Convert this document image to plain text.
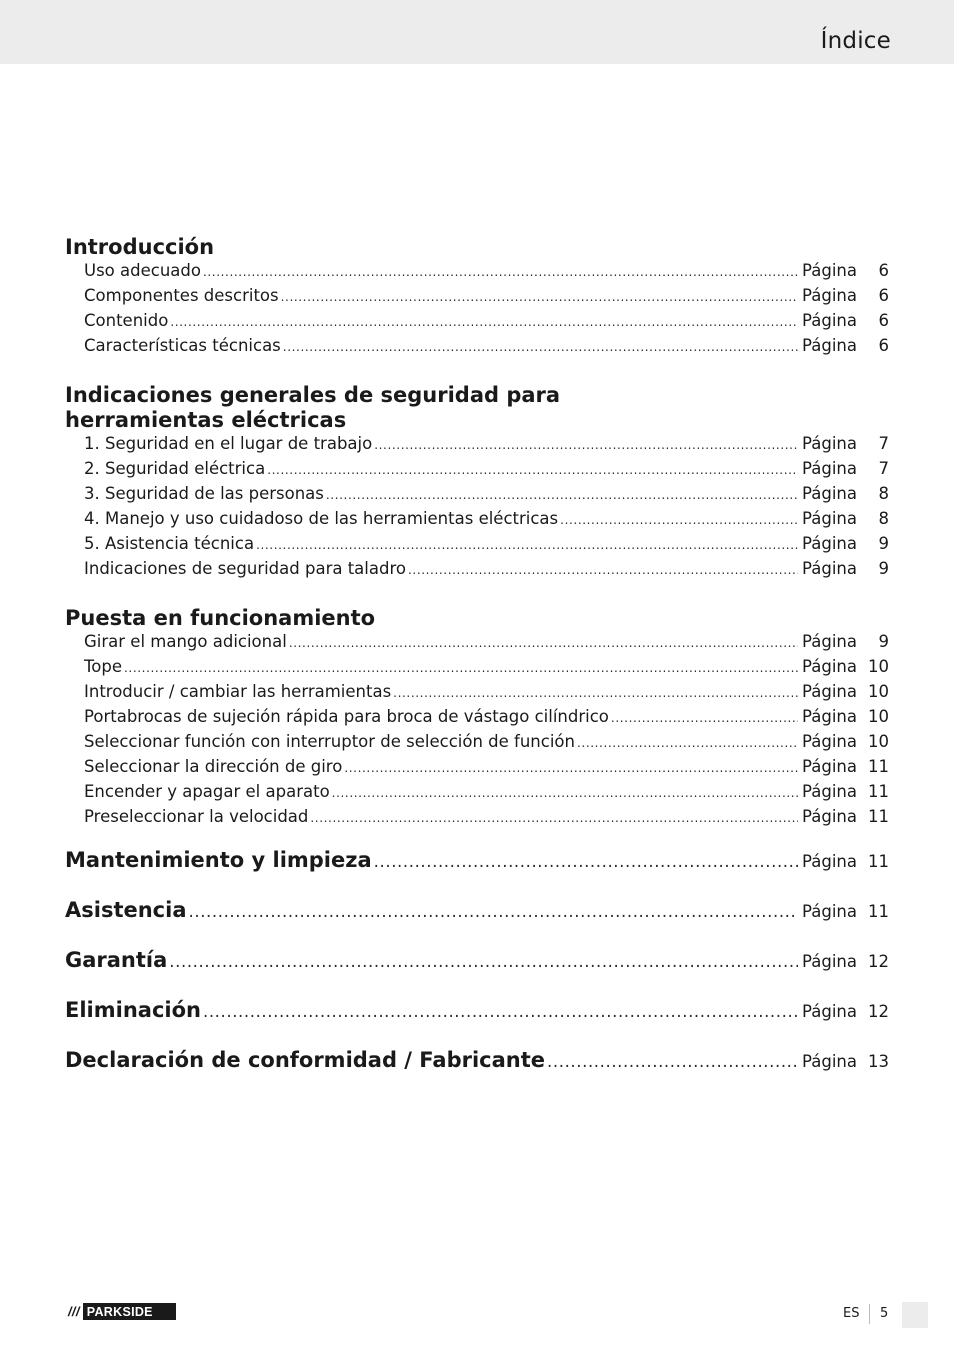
Índice
Introducción
Uso adecuado .....	Página	6
Componentes descritos .....	Página	6
Contenido .....	Página	6
Características técnicas .....	Página	6
Indicaciones generales de seguridad para
herramientas eléctricas
1. Seguridad en el lugar de trabajo .....	Página	7
2. Seguridad eléctrica .....	Página	7
3. Seguridad de las personas .....	Página	8
4. Manejo y uso cuidadoso de las herramientas eléctricas .....	Página	8
5. Asistencia técnica .....	Página	9
Indicaciones de seguridad para taladro .....	Página	9
Puesta en funcionamiento
Girar el mango adicional .....	Página	9
Tope .....	Página 10
Introducir / cambiar las herramientas .....	Página 10
Portabrocas de sujeción rápida para broca de vástago cilíndrico .....	Página 10
Seleccionar función con interruptor de selección de función .....	Página 10
Seleccionar la dirección de giro .....	Página 11
Encender y apagar el aparato .....	Página 11
Preseleccionar la velocidad .....	Página 11
Mantenimiento y limpieza .....	Página 11
Asistencia .....	Página 11
Garantía .....	Página 12
Eliminación .....	Página 12
Declaración de conformidad / Fabricante .....	Página 13
/// PARKSIDE	ES 5
